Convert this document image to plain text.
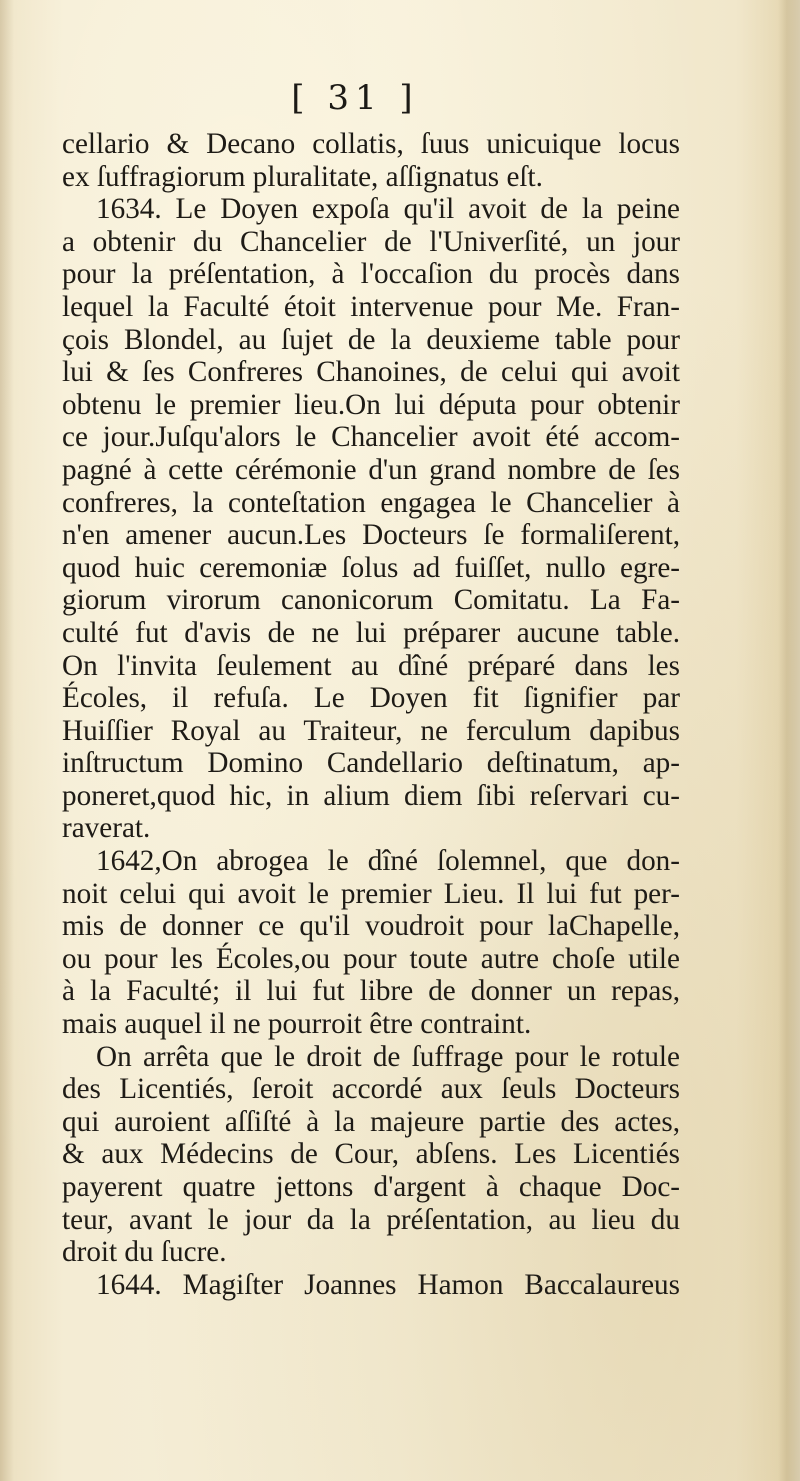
[ 31 ]
cellario & Decano collatis, ſuus unicuique locus
ex ſuffragiorum pluralitate, aſſignatus eſt.
1634. Le Doyen expoſa qu'il avoit de la peine
a obtenir du Chancelier de l'Univerſité, un jour
pour la préſentation, à l'occaſion du procès dans
lequel la Faculté étoit intervenue pour Me. Fran-
çois Blondel, au ſujet de la deuxieme table pour
lui & ſes Confreres Chanoines, de celui qui avoit
obtenu le premier lieu.On lui députa pour obtenir
ce jour.Juſqu'alors le Chancelier avoit été accom-
pagné à cette cérémonie d'un grand nombre de ſes
confreres, la conteſtation engagea le Chancelier à
n'en amener aucun.Les Docteurs ſe formaliſerent,
quod huic ceremoniæ ſolus ad fuiſſet, nullo egre-
giorum virorum canonicorum Comitatu. La Fa-
culté fut d'avis de ne lui préparer aucune table.
On l'invita ſeulement au dîné préparé dans les
Écoles, il refuſa. Le Doyen fit ſignifier par
Huiſſier Royal au Traiteur, ne ferculum dapibus
inſtructum Domino Candellario deſtinatum, ap-
poneret,quod hic, in alium diem ſibi reſervari cu-
raverat.
1642,On abrogea le dîné ſolemnel, que don-
noit celui qui avoit le premier Lieu. Il lui fut per-
mis de donner ce qu'il voudroit pour laChapelle,
ou pour les Écoles,ou pour toute autre choſe utile
à la Faculté; il lui fut libre de donner un repas,
mais auquel il ne pourroit être contraint.
On arrêta que le droit de ſuffrage pour le rotule
des Licentiés, ſeroit accordé aux ſeuls Docteurs
qui auroient aſſiſté à la majeure partie des actes,
& aux Médecins de Cour, abſens. Les Licentiés
payerent quatre jettons d'argent à chaque Doc-
teur, avant le jour da la préſentation, au lieu du
droit du ſucre.
1644. Magiſter Joannes Hamon Baccalaureus
